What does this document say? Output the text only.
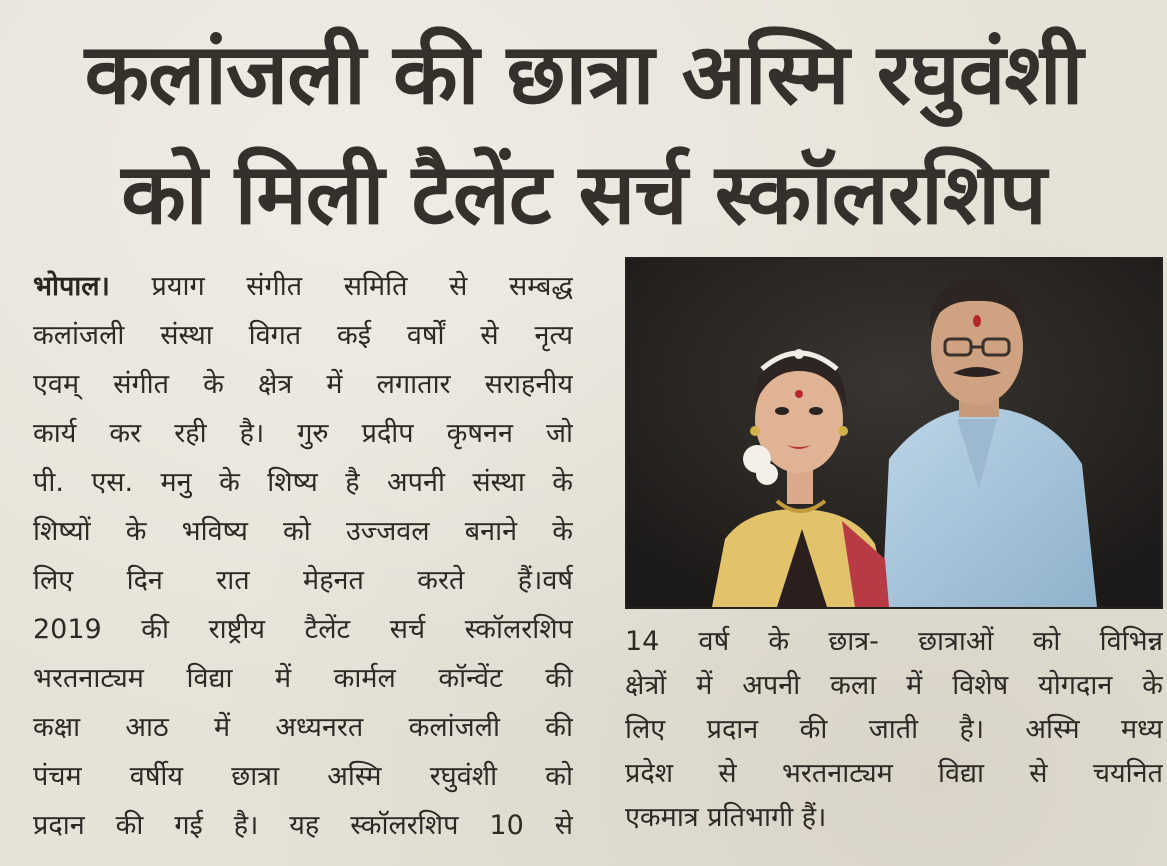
कलांजली की छात्रा अस्मि रघुवंशी
को मिली टैलेंट सर्च स्कॉलरशिप
भोपाल। प्रयाग संगीत समिति से सम्बद्ध
कलांजली संस्था विगत कई वर्षों से नृत्य
एवम् संगीत के क्षेत्र में लगातार सराहनीय
कार्य कर रही है। गुरु प्रदीप कृषनन जो
पी. एस. मनु के शिष्य है अपनी संस्था के
शिष्यों के भविष्य को उज्जवल बनाने के
लिए दिन रात मेहनत करते हैं।वर्ष
2019 की राष्ट्रीय टैलेंट सर्च स्कॉलरशिप
भरतनाट्यम विद्या में कार्मल कॉन्वेंट की
कक्षा आठ में अध्यनरत कलांजली की
पंचम वर्षीय छात्रा अस्मि रघुवंशी को
प्रदान की गई है। यह स्कॉलरशिप 10 से
14 वर्ष के छात्र- छात्राओं को विभिन्न
क्षेत्रों में अपनी कला में विशेष योगदान के
लिए प्रदान की जाती है। अस्मि मध्य
प्रदेश से भरतनाट्यम विद्या से चयनित
एकमात्र प्रतिभागी हैं।
